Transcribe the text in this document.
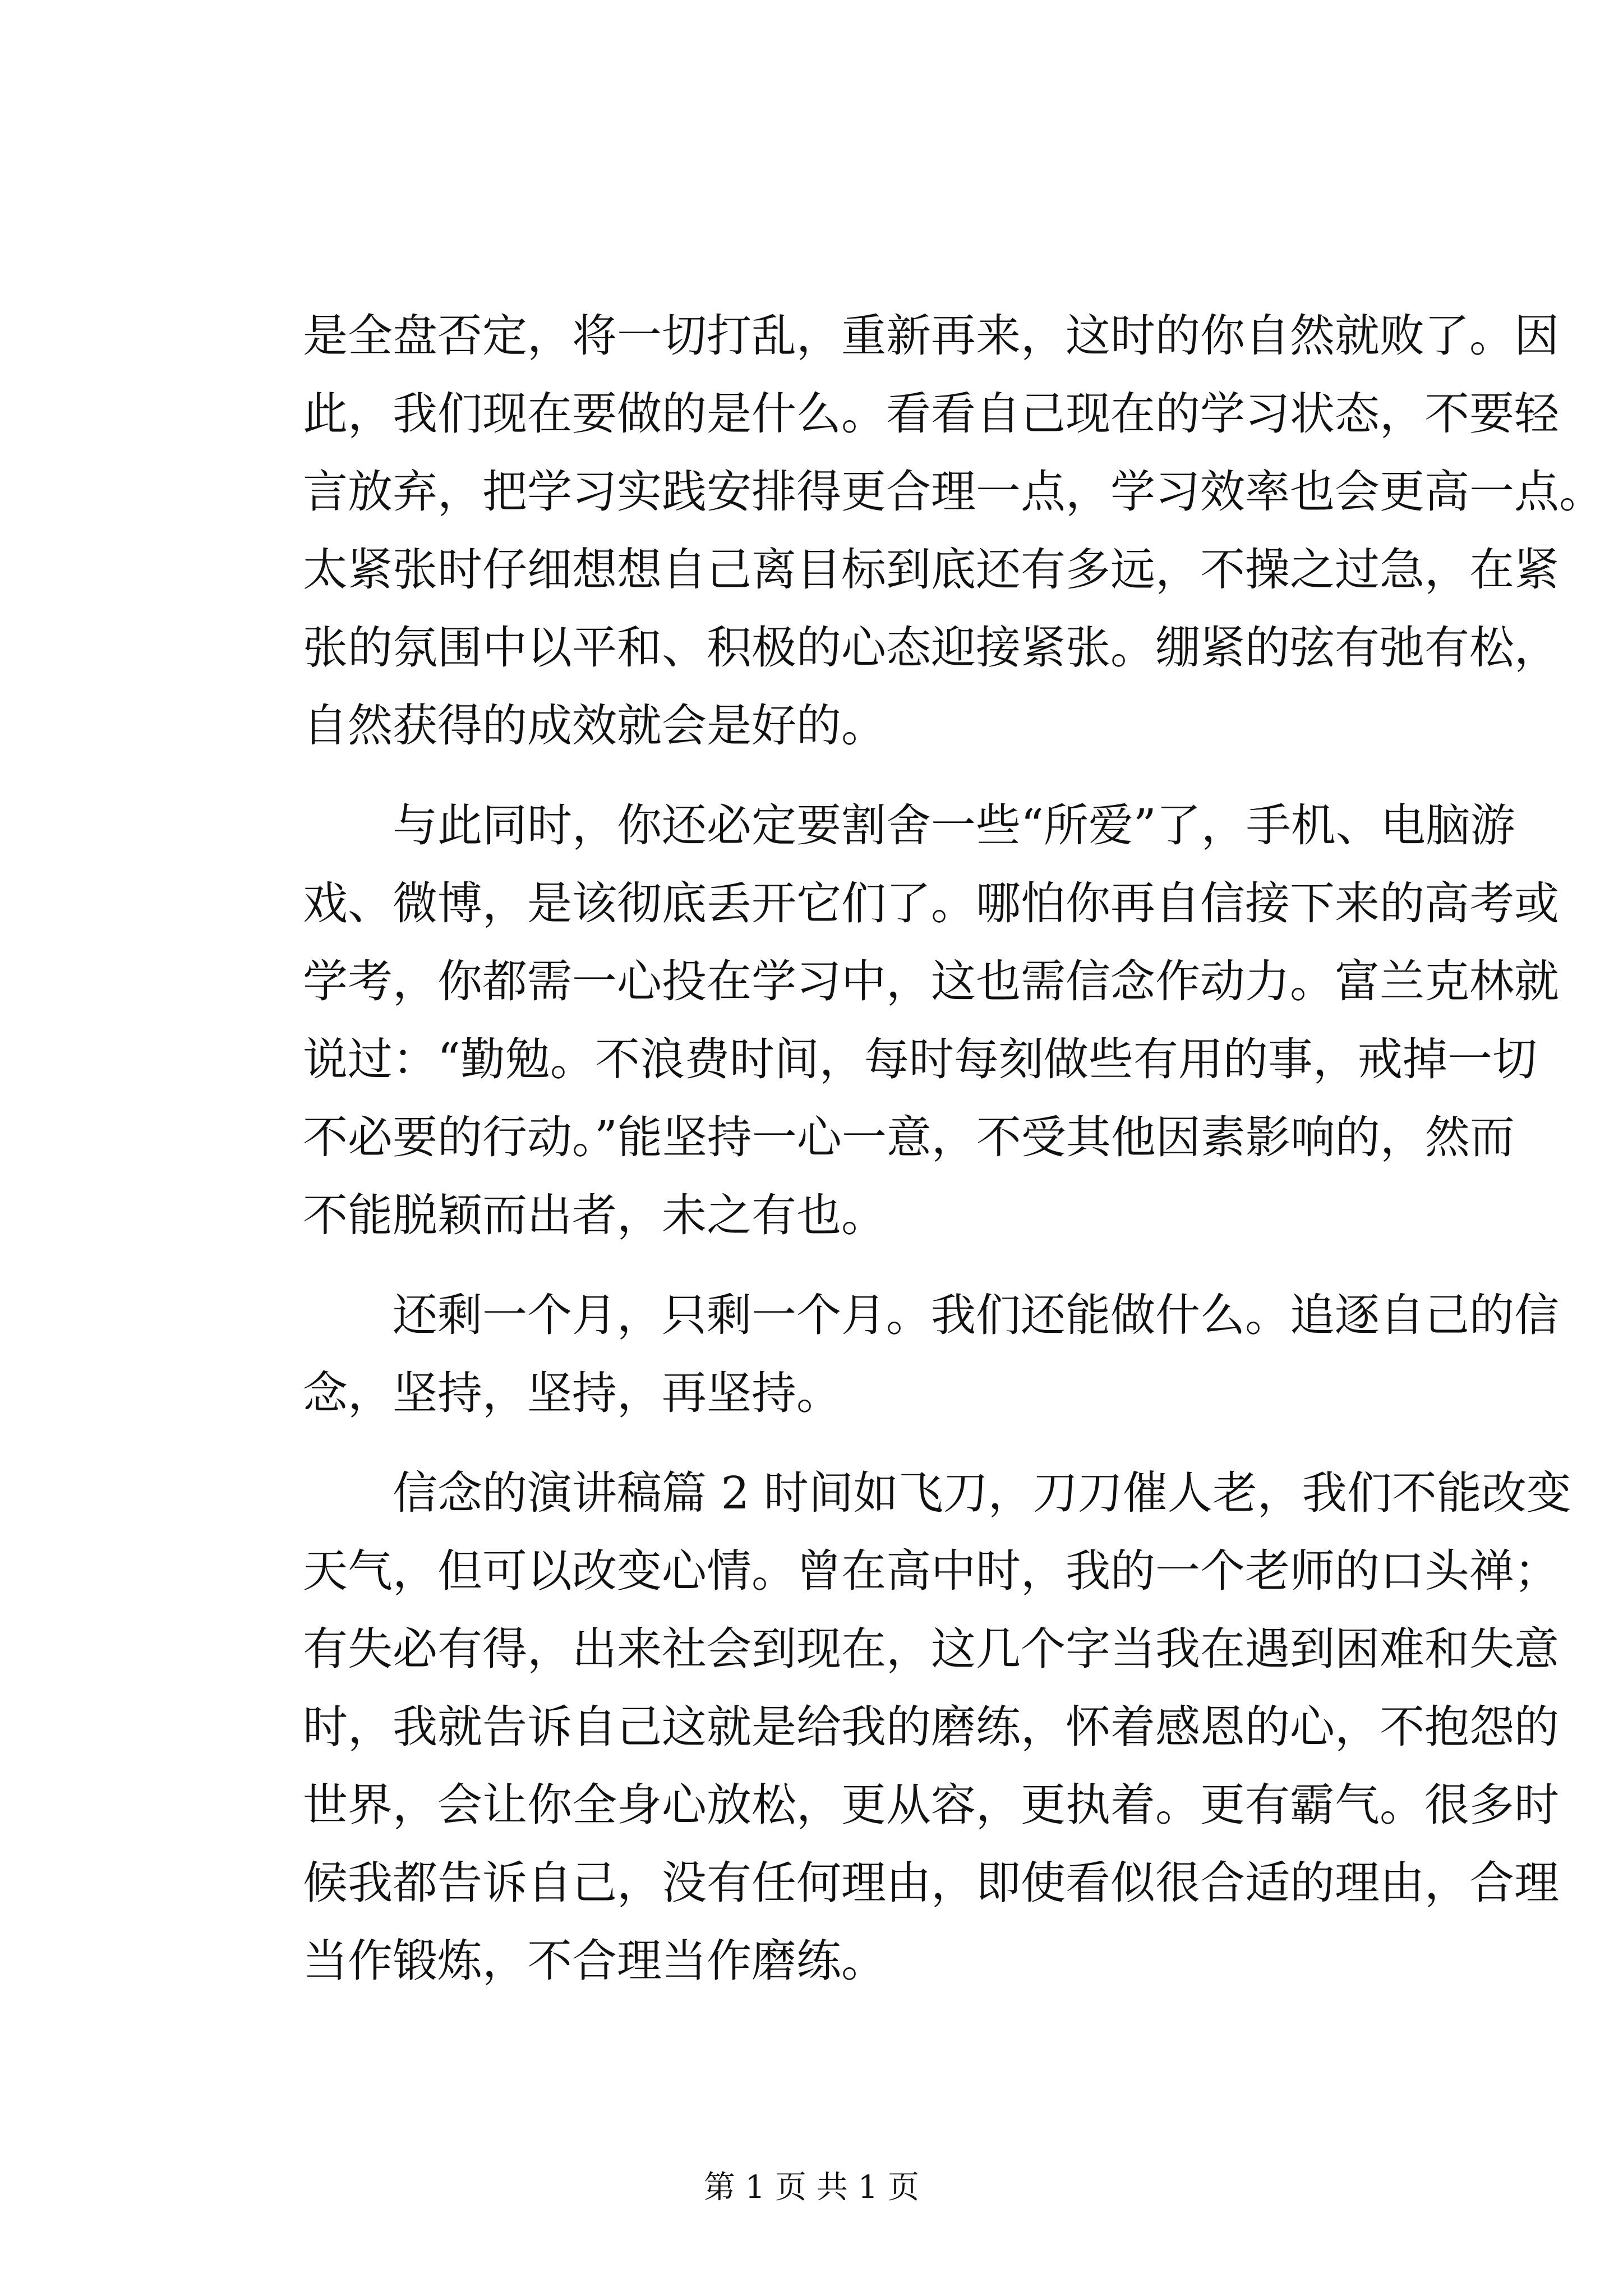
是全盘否定，将一切打乱，重新再来，这时的你自然就败了。因
此，我们现在要做的是什么。看看自己现在的学习状态，不要轻
言放弃，把学习实践安排得更合理一点，学习效率也会更高一点。
太紧张时仔细想想自己离目标到底还有多远，不操之过急，在紧
张的氛围中以平和、积极的心态迎接紧张。绷紧的弦有弛有松，
自然获得的成效就会是好的。
与此同时，你还必定要割舍一些“所爱”了，手机、电脑游
戏、微博，是该彻底丢开它们了。哪怕你再自信接下来的高考或
学考，你都需一心投在学习中，这也需信念作动力。富兰克林就
说过：“勤勉。不浪费时间，每时每刻做些有用的事，戒掉一切
不必要的行动。”能坚持一心一意，不受其他因素影响的，然而
不能脱颖而出者，未之有也。
还剩一个月，只剩一个月。我们还能做什么。追逐自己的信
念，坚持，坚持，再坚持。
信念的演讲稿篇 2 时间如飞刀，刀刀催人老，我们不能改变
天气，但可以改变心情。曾在高中时，我的一个老师的口头禅；
有失必有得，出来社会到现在，这几个字当我在遇到困难和失意
时，我就告诉自己这就是给我的磨练，怀着感恩的心，不抱怨的
世界，会让你全身心放松，更从容，更执着。更有霸气。很多时
候我都告诉自己，没有任何理由，即使看似很合适的理由，合理
当作锻炼，不合理当作磨练。
第 1 页 共 1 页
